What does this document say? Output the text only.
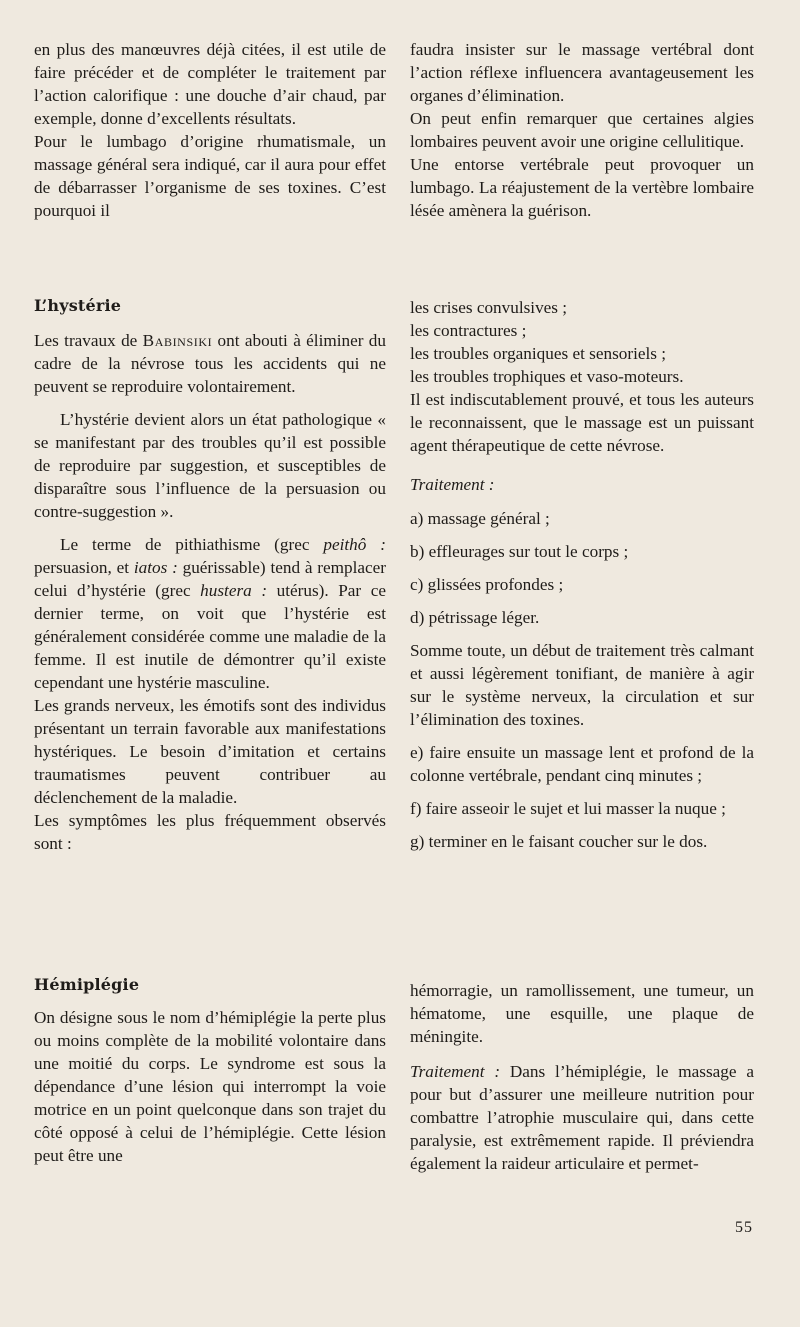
en plus des manœuvres déjà citées, il est utile de faire précéder et de compléter le traitement par l’action calorifique : une douche d’air chaud, par exemple, donne d’excellents résultats.

Pour le lumbago d’origine rhumatismale, un massage général sera indiqué, car il aura pour effet de débarrasser l’organisme de ses toxines. C’est pourquoi il

faudra insister sur le massage vertébral dont l’action réflexe influencera avantageusement les organes d’élimination.

On peut enfin remarquer que certaines algies lombaires peuvent avoir une origine cellulitique.

Une entorse vertébrale peut provoquer un lumbago. La réajustement de la vertèbre lombaire lésée amènera la guérison.

L’hystérie

Les travaux de Babinsiki ont abouti à éliminer du cadre de la névrose tous les accidents qui ne peuvent se reproduire volontairement.

L’hystérie devient alors un état pathologique « se manifestant par des troubles qu’il est possible de reproduire par suggestion, et susceptibles de disparaître sous l’influence de la persuasion ou contre-suggestion ».

Le terme de pithiathisme (grec peithô : persuasion, et iatos : guérissable) tend à remplacer celui d’hystérie (grec hustera : utérus). Par ce dernier terme, on voit que l’hystérie est généralement considérée comme une maladie de la femme. Il est inutile de démontrer qu’il existe cependant une hystérie masculine.

Les grands nerveux, les émotifs sont des individus présentant un terrain favorable aux manifestations hystériques. Le besoin d’imitation et certains traumatismes peuvent contribuer au déclenchement de la maladie.

Les symptômes les plus fréquemment observés sont :

les crises convulsives ;

les contractures ;

les troubles organiques et sensoriels ;

les troubles trophiques et vaso-moteurs.

Il est indiscutablement prouvé, et tous les auteurs le reconnaissent, que le massage est un puissant agent thérapeutique de cette névrose.

Traitement :

a) massage général ;

b) effleurages sur tout le corps ;

c) glissées profondes ;

d) pétrissage léger.

Somme toute, un début de traitement très calmant et aussi légèrement tonifiant, de manière à agir sur le système nerveux, la circulation et sur l’élimination des toxines.

e) faire ensuite un massage lent et profond de la colonne vertébrale, pendant cinq minutes ;

f) faire asseoir le sujet et lui masser la nuque ;

g) terminer en le faisant coucher sur le dos.

Hémiplégie

On désigne sous le nom d’hémiplégie la perte plus ou moins complète de la mobilité volontaire dans une moitié du corps. Le syndrome est sous la dépendance d’une lésion qui interrompt la voie motrice en un point quelconque dans son trajet du côté opposé à celui de l’hémiplégie. Cette lésion peut être une

hémorragie, un ramollissement, une tumeur, un hématome, une esquille, une plaque de méningite.

Traitement : Dans l’hémiplégie, le massage a pour but d’assurer une meilleure nutrition pour combattre l’atrophie musculaire qui, dans cette paralysie, est extrêmement rapide. Il préviendra également la raideur articulaire et permet-

55
